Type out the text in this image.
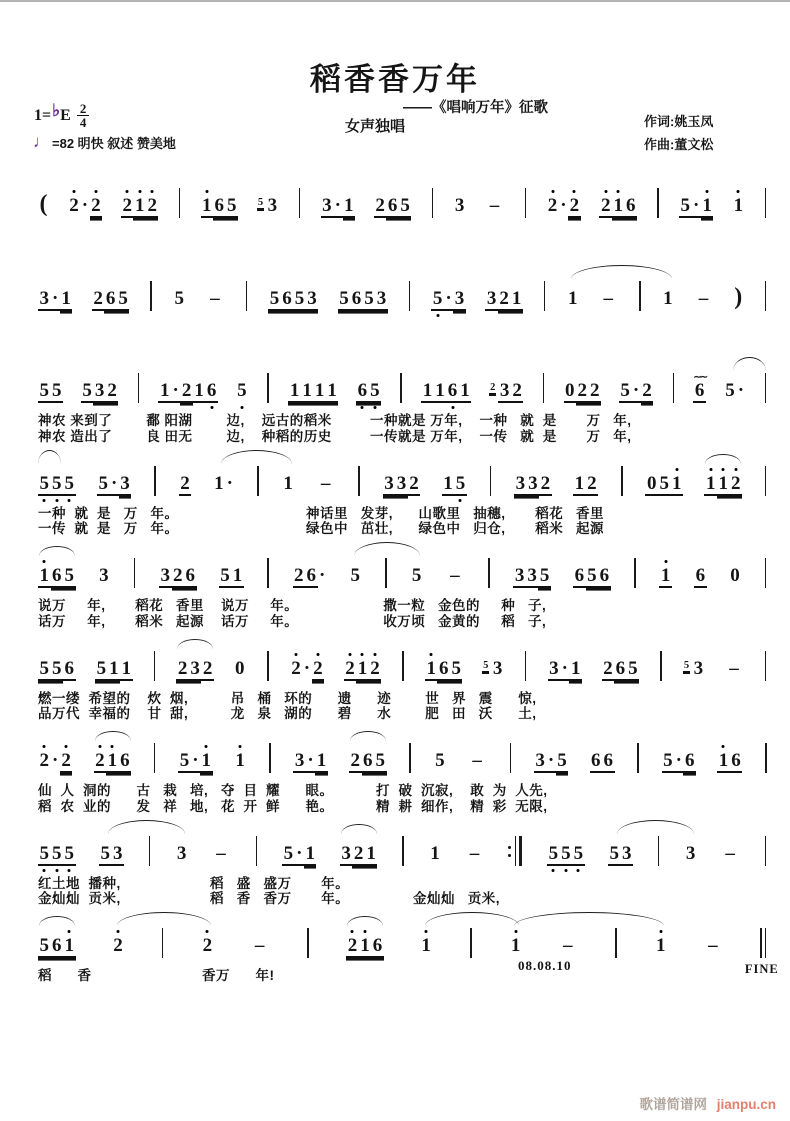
稻香香万年
——《唱响万年》征歌
女声独唱
1= ♭ E $\frac{2}{4}$
♩ =82 明快 叙述 赞美地
作词:姚玉凤
作曲:董文松
( 2 · 2 2 1 2 1 6 5 5 3 3 · 1 2 6 5 3 –	2 · 2 2 1 6 5 · 1 1
3 · 1 2 6 5 5 –	5 6 5 3 5 6 5 3 5 · 3 3 2 1 1 –	1 – )
5 5 5 3 2 1 · 2 1 6 5 1 1 1 1 6 5 1 1 6 1 2 3 2 0 2 2 5 · 2 6
∼∼
5 ·
神农 来到了        鄱 阳湖        边,    远古的稻米         一种就是 万年,    一种   就  是       万   年,
神农 造出了        良 田无        边,    种稻的历史         一传就是 万年,    一传   就  是       万   年,
5 5 5 5 · 3	2 1 ·	1 –	3 3 2 1 5	3 3 2 1 2	0 5 1 1 1 2
一种  就  是   万   年。                              神话里   发芽,      山歌里   抽穗,       稻花   香里
一传  就  是   万   年。                              绿色中   茁壮,      绿色中   归仓,       稻米   起源
1 6 5 3	3 2 6 5 1	2 6 · 5	5 –	3 3 5 6 5 6	1 6 0
说万     年,       稻花   香里    说万     年。                    撒一粒   金色的     种   子,
话万     年,       稻米   起源    话万     年。                    收万顷   金黄的     稻   子,
5 5 6 5 1 1 2 3 2 0 2 · 2 2 1 2 1 6 5 5 3 3 · 1 2 6 5	5 3 –
燃一缕  希望的    炊  烟,          吊   桶   环的      遗      迹        世   界   震      惊,
品万代  幸福的    甘  甜,          龙   泉   湖的      碧      水        肥   田   沃      土,
2 · 2 2 1 6	5 · 1 1	3 · 1 2 6 5	5 –	3 · 5 6 6	5 · 6 1 6
仙  人  洞的      古   栽   培,   夺  目  耀      眼。          打  破  沉寂,    敢  为  人先,
稻  农  业的      发   祥   地,   花  开  鲜      艳。          精  耕  细作,    精  彩  无限,
5 5 5 5 3	3 –	5 · 1 3 2 1	1 –	5 5 5 5 3	3 –
红土地  播种,                     稻   盛   盛万       年。
金灿灿  贡米,                     稻   香   香万       年。               金灿灿   贡米,
5 6 1 2	2 –	2 1 6 1	1 –	1 –
FINE
稻      香                          香万      年!
08.08.10
歌谱简谱网 jianpu.cn
